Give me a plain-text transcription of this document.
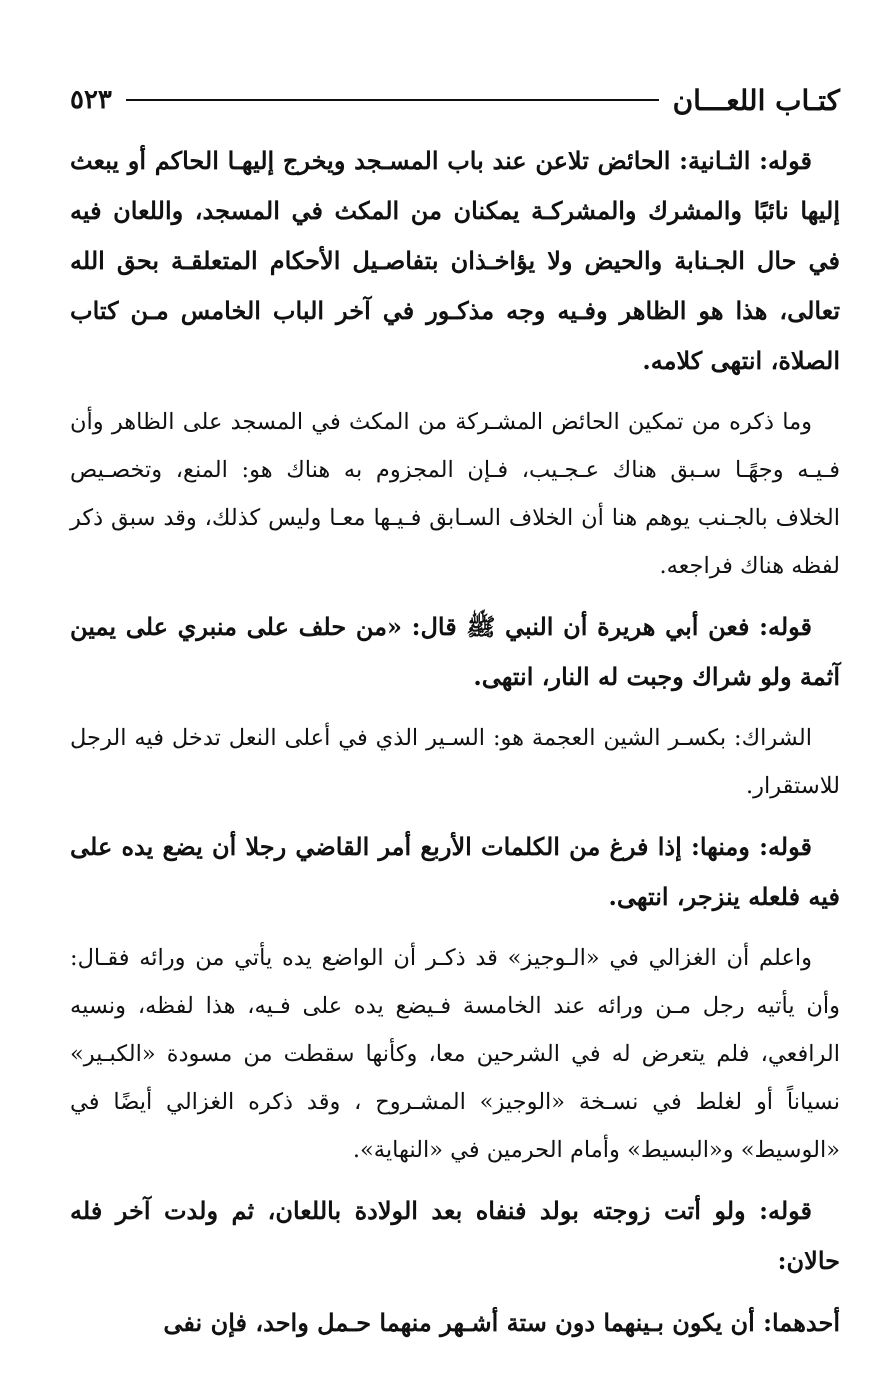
كتـاب اللعـــان
٥٢٣

قوله: الثـانية: الحائض تلاعن عند باب المسـجد ويخرج إليهـا الحاكم أو يبعث إليها نائبًا والمشرك والمشركـة يمكنان من المكث في المسجد، واللعان فيه في حال الجـنابة والحيض ولا يؤاخـذان بتفاصـيل الأحكام المتعلقـة بحق الله تعالى، هذا هو الظاهر وفـيه وجه مذكـور في آخر الباب الخامس مـن كتاب الصلاة، انتهى كلامه.

وما ذكره من تمكين الحائض المشـركة من المكث في المسجد على الظاهر وأن فـيـه وجهًـا سـبق هناك عـجـيب، فـإن المجزوم به هناك هو: المنع، وتخصـيص الخلاف بالجـنب يوهم هنا أن الخلاف السـابق فـيـها معـا وليس كذلك، وقد سبق ذكر لفظه هناك فراجعه.

قوله: فعن أبي هريرة أن النبي ﷺ قال: «من حلف على منبري على يمين آثمة ولو شراك وجبت له النار، انتهى.

الشراك: بكسـر الشين العجمة هو: السـير الذي في أعلى النعل تدخل فيه الرجل للاستقرار.

قوله: ومنها: إذا فرغ من الكلمات الأربع أمر القاضي رجلا أن يضع يده على فيه فلعله ينزجر، انتهى.

واعلم أن الغزالي في «الـوجيز» قد ذكـر أن الواضع يده يأتي من ورائه فقـال: وأن يأتيه رجل مـن ورائه عند الخامسة فـيضع يده على فـيه، هذا لفظه، ونسيه الرافعي، فلم يتعرض له في الشرحين معا، وكأنها سقطت من مسودة «الكبـير» نسياناً أو لغلط في نسـخة «الوجيز» المشـروح ، وقد ذكره الغزالي أيضًا في «الوسيط» و«البسيط» وأمام الحرمين في «النهاية».

قوله: ولو أتت زوجته بولد فنفاه بعد الولادة باللعان، ثم ولدت آخر فله حالان:

أحدهما: أن يكون بـينهما دون ستة أشـهر منهما حـمل واحد، فإن نفى
